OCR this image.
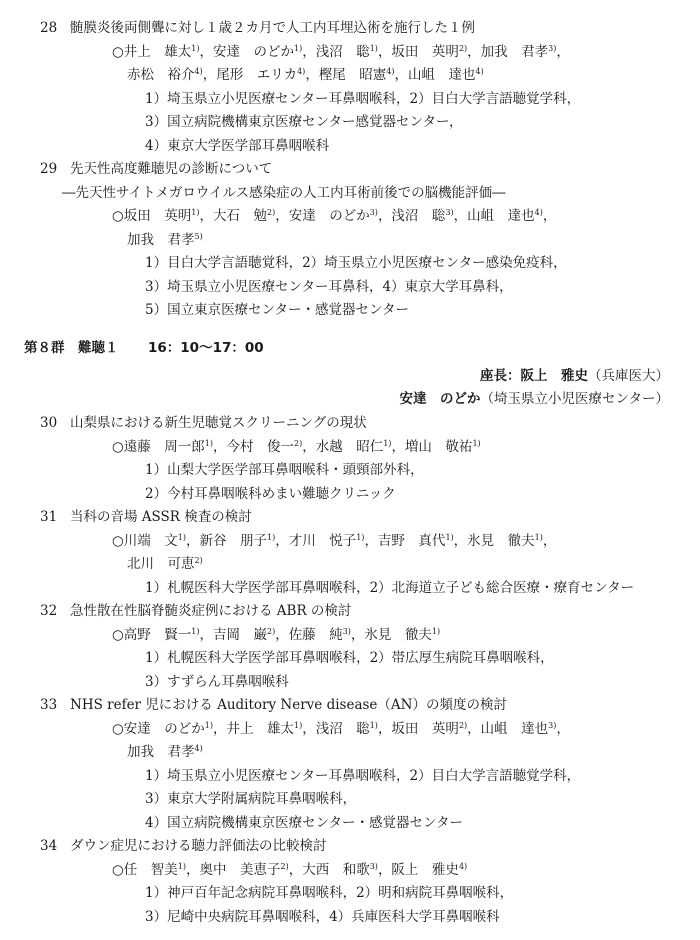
第８群　難聴１ 16：10～17：00
座長：阪上　雅史（兵庫医大）
安達　のどか（埼玉県立小児医療センター）
28 髄膜炎後両側聾に対し１歳２カ月で人工内耳埋込術を施行した１例
○井上　雄太$^{1)}$，安達　のどか$^{1)}$，浅沼　聡$^{1)}$，坂田　英明$^{2)}$，加我　君孝$^{3)}$，
赤松　裕介$^{4)}$，尾形　エリカ$^{4)}$，樫尾　昭憲$^{4)}$，山岨　達也$^{4)}$
1）埼玉県立小児医療センター耳鼻咽喉科，2）目白大学言語聴覚学科，
3）国立病院機構東京医療センター感覚器センター，
4）東京大学医学部耳鼻咽喉科
29 先天性高度難聴児の診断について
―先天性サイトメガロウイルス感染症の人工内耳術前後での脳機能評価―
○坂田　英明$^{1)}$，大石　勉$^{2)}$，安達　のどか$^{3)}$，浅沼　聡$^{3)}$，山岨　達也$^{4)}$，
加我　君孝$^{5)}$
1）目白大学言語聴覚科，2）埼玉県立小児医療センター感染免疫科，
3）埼玉県立小児医療センター耳鼻科，4）東京大学耳鼻科，
5）国立東京医療センター・感覚器センター
30 山梨県における新生児聴覚スクリーニングの現状
○遠藤　周一郎$^{1)}$，今村　俊一$^{2)}$，水越　昭仁$^{1)}$，増山　敬祐$^{1)}$
1）山梨大学医学部耳鼻咽喉科・頭頸部外科，
2）今村耳鼻咽喉科めまい難聴クリニック
31 当科の音場 ASSR 検査の検討
○川端　文$^{1)}$，新谷　朋子$^{1)}$，才川　悦子$^{1)}$，吉野　真代$^{1)}$，氷見　徹夫$^{1)}$，
北川　可恵$^{2)}$
1）札幌医科大学医学部耳鼻咽喉科，2）北海道立子ども総合医療・療育センター
32 急性散在性脳脊髄炎症例における ABR の検討
○高野　賢一$^{1)}$，吉岡　巌$^{2)}$，佐藤　純$^{3)}$，氷見　徹夫$^{1)}$
1）札幌医科大学医学部耳鼻咽喉科，2）帯広厚生病院耳鼻咽喉科，
3）すずらん耳鼻咽喉科
33 NHS refer 児における Auditory Nerve disease（AN）の頻度の検討
○安達　のどか$^{1)}$，井上　雄太$^{1)}$，浅沼　聡$^{1)}$，坂田　英明$^{2)}$，山岨　達也$^{3)}$，
加我　君孝$^{4)}$
1）埼玉県立小児医療センター耳鼻咽喉科，2）目白大学言語聴覚学科，
3）東京大学附属病院耳鼻咽喉科，
4）国立病院機構東京医療センター・感覚器センター
34 ダウン症児における聴力評価法の比較検討
○任　智美$^{1)}$，奥中　美恵子$^{2)}$，大西　和歌$^{3)}$，阪上　雅史$^{4)}$
1）神戸百年記念病院耳鼻咽喉科，2）明和病院耳鼻咽喉科，
3）尼崎中央病院耳鼻咽喉科，4）兵庫医科大学耳鼻咽喉科
